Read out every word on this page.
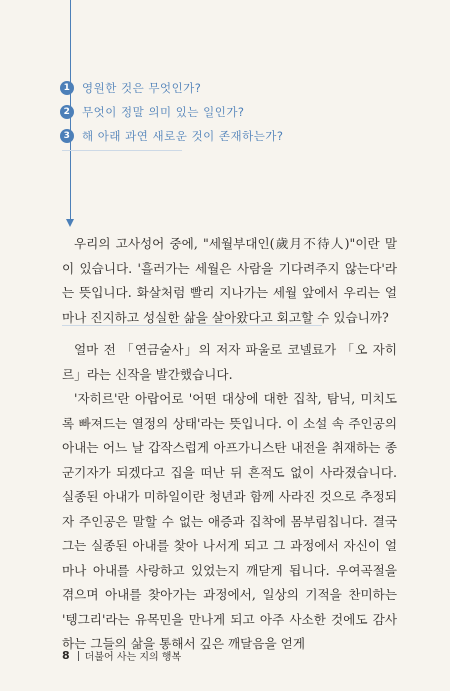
1	영원한 것은 무엇인가?
2	무엇이 정말 의미 있는 일인가?
3	해 아래 과연 새로운 것이 존재하는가?

우리의 고사성어 중에, "세월부대인(歲月不待人)"이란 말이 있습니다. '흘러가는 세월은 사람을 기다려주지 않는다'라는 뜻입니다. 화살처럼 빨리 지나가는 세월 앞에서 우리는 얼마나 진지하고 성실한 삶을 살아왔다고 회고할 수 있습니까?

얼마 전 「연금술사」의 저자 파울로 코넬료가 「오 자히르」라는 신작을 발간했습니다.

'자히르'란 아랍어로 '어떤 대상에 대한 집착, 탐닉, 미치도록 빠져드는 열정의 상태'라는 뜻입니다. 이 소설 속 주인공의 아내는 어느 날 갑작스럽게 아프가니스탄 내전을 취재하는 종군기자가 되겠다고 집을 떠난 뒤 흔적도 없이 사라졌습니다. 실종된 아내가 미하일이란 청년과 함께 사라진 것으로 추정되자 주인공은 말할 수 없는 애증과 집착에 몸부림칩니다. 결국 그는 실종된 아내를 찾아 나서게 되고 그 과정에서 자신이 얼마나 아내를 사랑하고 있었는지 깨닫게 됩니다. 우여곡절을 겪으며 아내를 찾아가는 과정에서, 일상의 기적을 찬미하는 '텡그리'라는 유목민을 만나게 되고 아주 사소한 것에도 감사하는 그들의 삶을 통해서 깊은 깨달음을 얻게

8 더불어 사는 지의 행복
